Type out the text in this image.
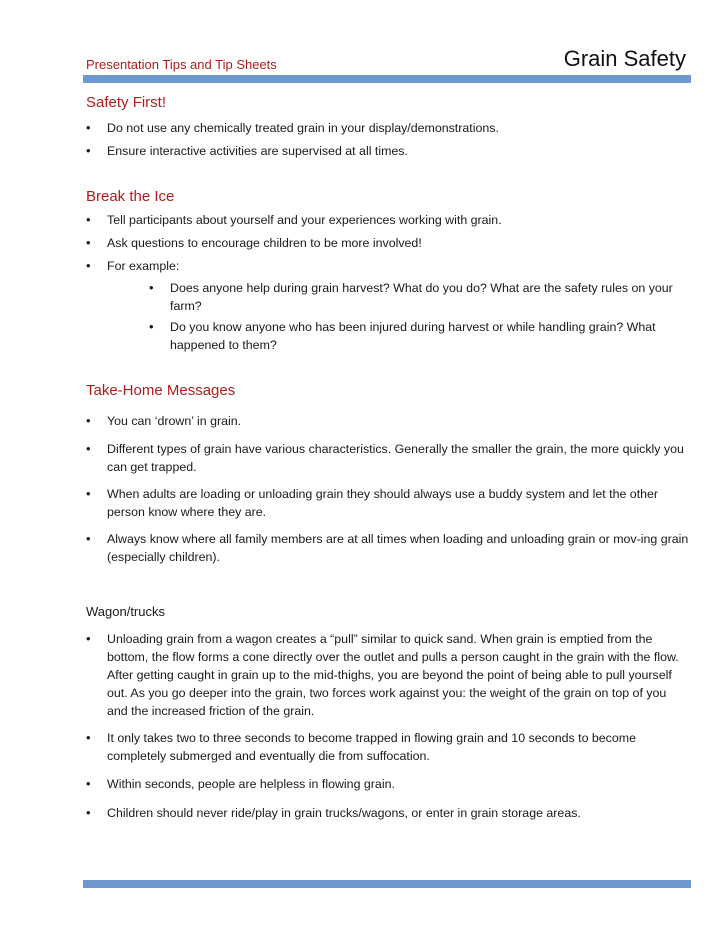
Presentation Tips and Tip Sheets	Grain Safety
Safety First!
• Do not use any chemically treated grain in your display/demonstrations.
• Ensure interactive activities are supervised at all times.
Break the Ice
• Tell participants about yourself and your experiences working with grain.
• Ask questions to encourage children to be more involved!
• For example:
• Does anyone help during grain harvest? What do you do? What are the safety rules on your farm?
• Do you know anyone who has been injured during harvest or while handling grain? What happened to them?
Take-Home Messages
• You can ‘drown’ in grain.
• Different types of grain have various characteristics. Generally the smaller the grain, the more quickly you can get trapped.
• When adults are loading or unloading grain they should always use a buddy system and let the other person know where they are.
• Always know where all family members are at all times when loading and unloading grain or mov-ing grain (especially children).
Wagon/trucks
• Unloading grain from a wagon creates a “pull” similar to quick sand. When grain is emptied from the bottom, the flow forms a cone directly over the outlet and pulls a person caught in the grain with the flow. After getting caught in grain up to the mid-thighs, you are beyond the point of being able to pull yourself out. As you go deeper into the grain, two forces work against you: the weight of the grain on top of you and the increased friction of the grain.
• It only takes two to three seconds to become trapped in flowing grain and 10 seconds to become completely submerged and eventually die from suffocation.
• Within seconds, people are helpless in flowing grain.
• Children should never ride/play in grain trucks/wagons, or enter in grain storage areas.
